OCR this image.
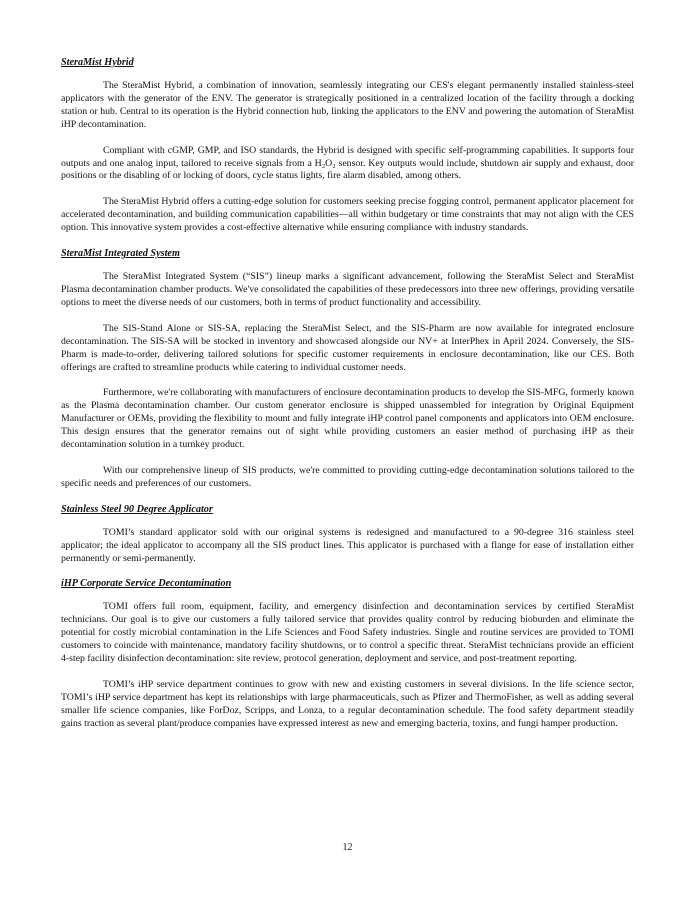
SteraMist Hybrid

The SteraMist Hybrid, a combination of innovation, seamlessly integrating our CES's elegant permanently installed stainless-steel applicators with the generator of the ENV. The generator is strategically positioned in a centralized location of the facility through a docking station or hub. Central to its operation is the Hybrid connection hub, linking the applicators to the ENV and powering the automation of SteraMist iHP decontamination.

Compliant with cGMP, GMP, and ISO standards, the Hybrid is designed with specific self-programming capabilities. It supports four outputs and one analog input, tailored to receive signals from a H₂O₂ sensor. Key outputs would include, shutdown air supply and exhaust, door positions or the disabling of or locking of doors, cycle status lights, fire alarm disabled, among others.

The SteraMist Hybrid offers a cutting-edge solution for customers seeking precise fogging control, permanent applicator placement for accelerated decontamination, and building communication capabilities—all within budgetary or time constraints that may not align with the CES option. This innovative system provides a cost-effective alternative while ensuring compliance with industry standards.

SteraMist Integrated System

The SteraMist Integrated System (“SIS”) lineup marks a significant advancement, following the SteraMist Select and SteraMist Plasma decontamination chamber products. We've consolidated the capabilities of these predecessors into three new offerings, providing versatile options to meet the diverse needs of our customers, both in terms of product functionality and accessibility.

The SIS-Stand Alone or SIS-SA, replacing the SteraMist Select, and the SIS-Pharm are now available for integrated enclosure decontamination. The SIS-SA will be stocked in inventory and showcased alongside our NV+ at InterPhex in April 2024. Conversely, the SIS-Pharm is made-to-order, delivering tailored solutions for specific customer requirements in enclosure decontamination, like our CES. Both offerings are crafted to streamline products while catering to individual customer needs.

Furthermore, we're collaborating with manufacturers of enclosure decontamination products to develop the SIS-MFG, formerly known as the Plasma decontamination chamber. Our custom generator enclosure is shipped unassembled for integration by Original Equipment Manufacturer or OEMs, providing the flexibility to mount and fully integrate iHP control panel components and applicators into OEM enclosure. This design ensures that the generator remains out of sight while providing customers an easier method of purchasing iHP as their decontamination solution in a turnkey product.

With our comprehensive lineup of SIS products, we're committed to providing cutting-edge decontamination solutions tailored to the specific needs and preferences of our customers.

Stainless Steel 90 Degree Applicator

TOMI’s standard applicator sold with our original systems is redesigned and manufactured to a 90-degree 316 stainless steel applicator; the ideal applicator to accompany all the SIS product lines. This applicator is purchased with a flange for ease of installation either permanently or semi-permanently.

iHP Corporate Service Decontamination

TOMI offers full room, equipment, facility, and emergency disinfection and decontamination services by certified SteraMist technicians. Our goal is to give our customers a fully tailored service that provides quality control by reducing bioburden and eliminate the potential for costly microbial contamination in the Life Sciences and Food Safety industries. Single and routine services are provided to TOMI customers to coincide with maintenance, mandatory facility shutdowns, or to control a specific threat. SteraMist technicians provide an efficient 4-step facility disinfection decontamination: site review, protocol generation, deployment and service, and post-treatment reporting.

TOMI’s iHP service department continues to grow with new and existing customers in several divisions. In the life science sector, TOMI’s iHP service department has kept its relationships with large pharmaceuticals, such as Pfizer and ThermoFisher, as well as adding several smaller life science companies, like ForDoz, Scripps, and Lonza, to a regular decontamination schedule. The food safety department steadily gains traction as several plant/produce companies have expressed interest as new and emerging bacteria, toxins, and fungi hamper production.

12
